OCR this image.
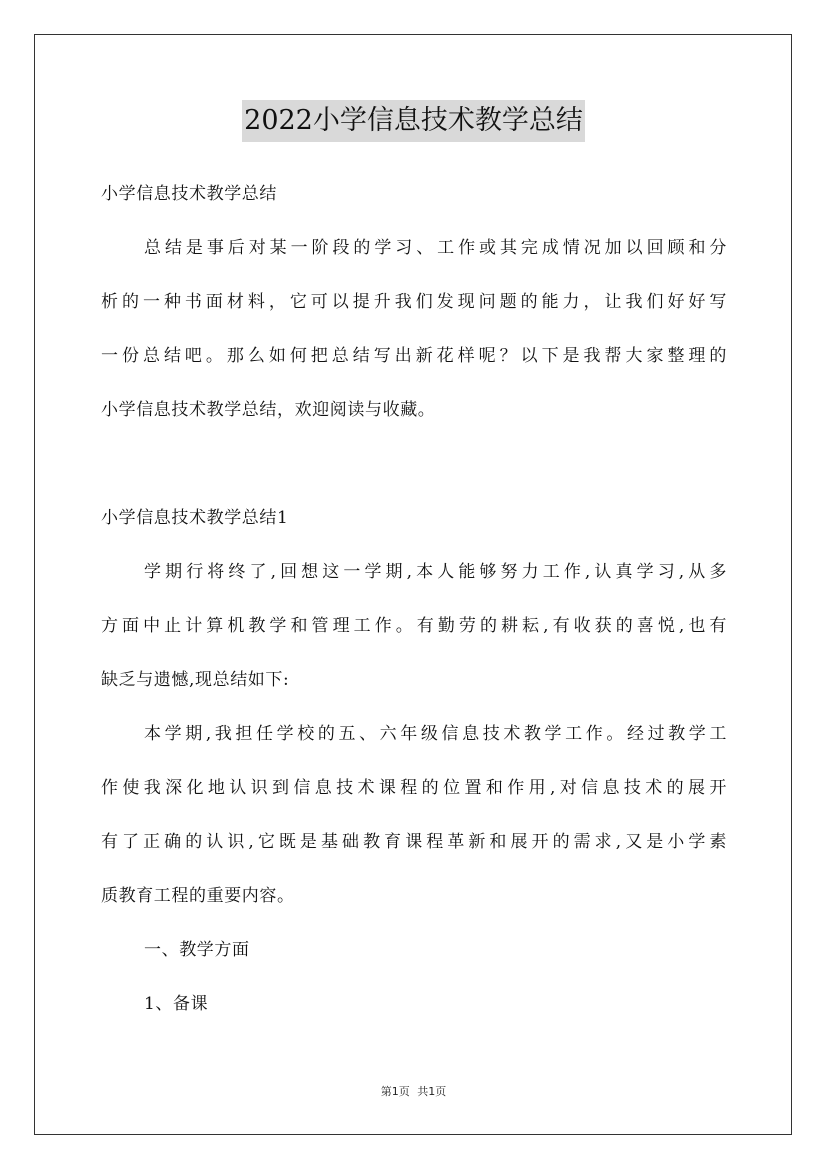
2022小学信息技术教学总结
小学信息技术教学总结
总结是事后对某一阶段的学习、工作或其完成情况加以回顾和分
析的一种书面材料，它可以提升我们发现问题的能力，让我们好好写
一份总结吧。那么如何把总结写出新花样呢？以下是我帮大家整理的
小学信息技术教学总结，欢迎阅读与收藏。
小学信息技术教学总结1
学期行将终了,回想这一学期,本人能够努力工作,认真学习,从多
方面中止计算机教学和管理工作。有勤劳的耕耘,有收获的喜悦,也有
缺乏与遗憾,现总结如下:
本学期,我担任学校的五、六年级信息技术教学工作。经过教学工
作使我深化地认识到信息技术课程的位置和作用,对信息技术的展开
有了正确的认识,它既是基础教育课程革新和展开的需求,又是小学素
质教育工程的重要内容。
一、教学方面
1、备课
第1页 共1页
